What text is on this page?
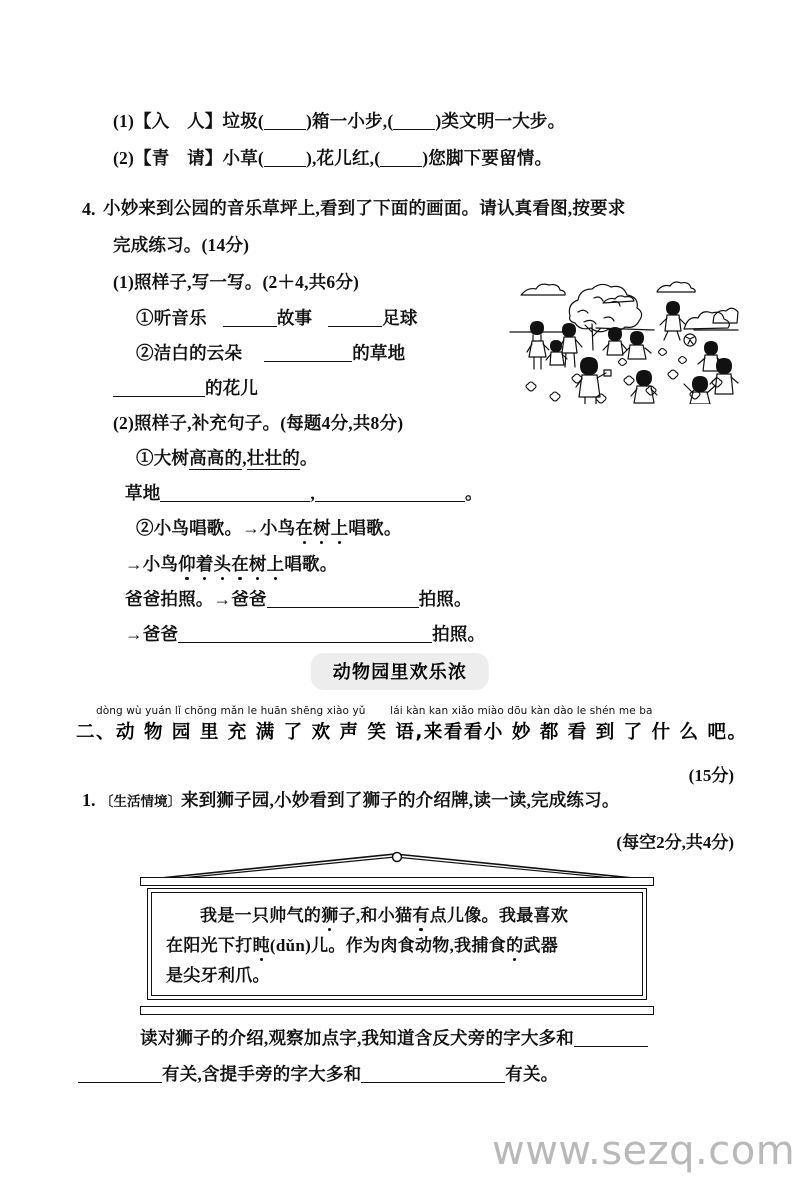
(1)【入　人】垃圾( )箱一小步,( )类文明一大步。
(2)【青　请】小草( ),花儿红,( )您脚下要留情。
4. 小妙来到公园的音乐草坪上,看到了下面的画面。请认真看图,按要求
完成练习。(14分)
(1)照样子,写一写。(2＋4,共6分)
①听音乐	故事	足球
②洁白的云朵	的草地
的花儿
(2)照样子,补充句子。(每题4分,共8分)
①大树高高的,壮壮的。
草地	,	。
②小鸟唱歌。→小鸟在树上唱歌。
→小鸟仰着头在树上唱歌。
爸爸拍照。→爸爸	拍照。
→爸爸	拍照。
动物园里欢乐浓
dòng wù yuán lǐ chōng mǎn le huān shēng xiào yǔ　　 lái kàn kan xiǎo miào dōu kàn dào le shén me ba
二、动 物 园 里 充 满 了 欢 声 笑 语,来看看小 妙 都 看 到 了 什 么 吧。
(15分)
1. 〔生活情境〕来到狮子园,小妙看到了狮子的介绍牌,读一读,完成练习。
(每空2分,共4分)
我是一只帅气的狮子,和小猫有点儿像。我最喜欢
在阳光下打盹(dǔn)儿。作为肉食动物,我捕食的武器
是尖牙利爪。
读对狮子的介绍,观察加点字,我知道含反犬旁的字大多和
有关,含提手旁的字大多和	有关。
www.sezq.com
